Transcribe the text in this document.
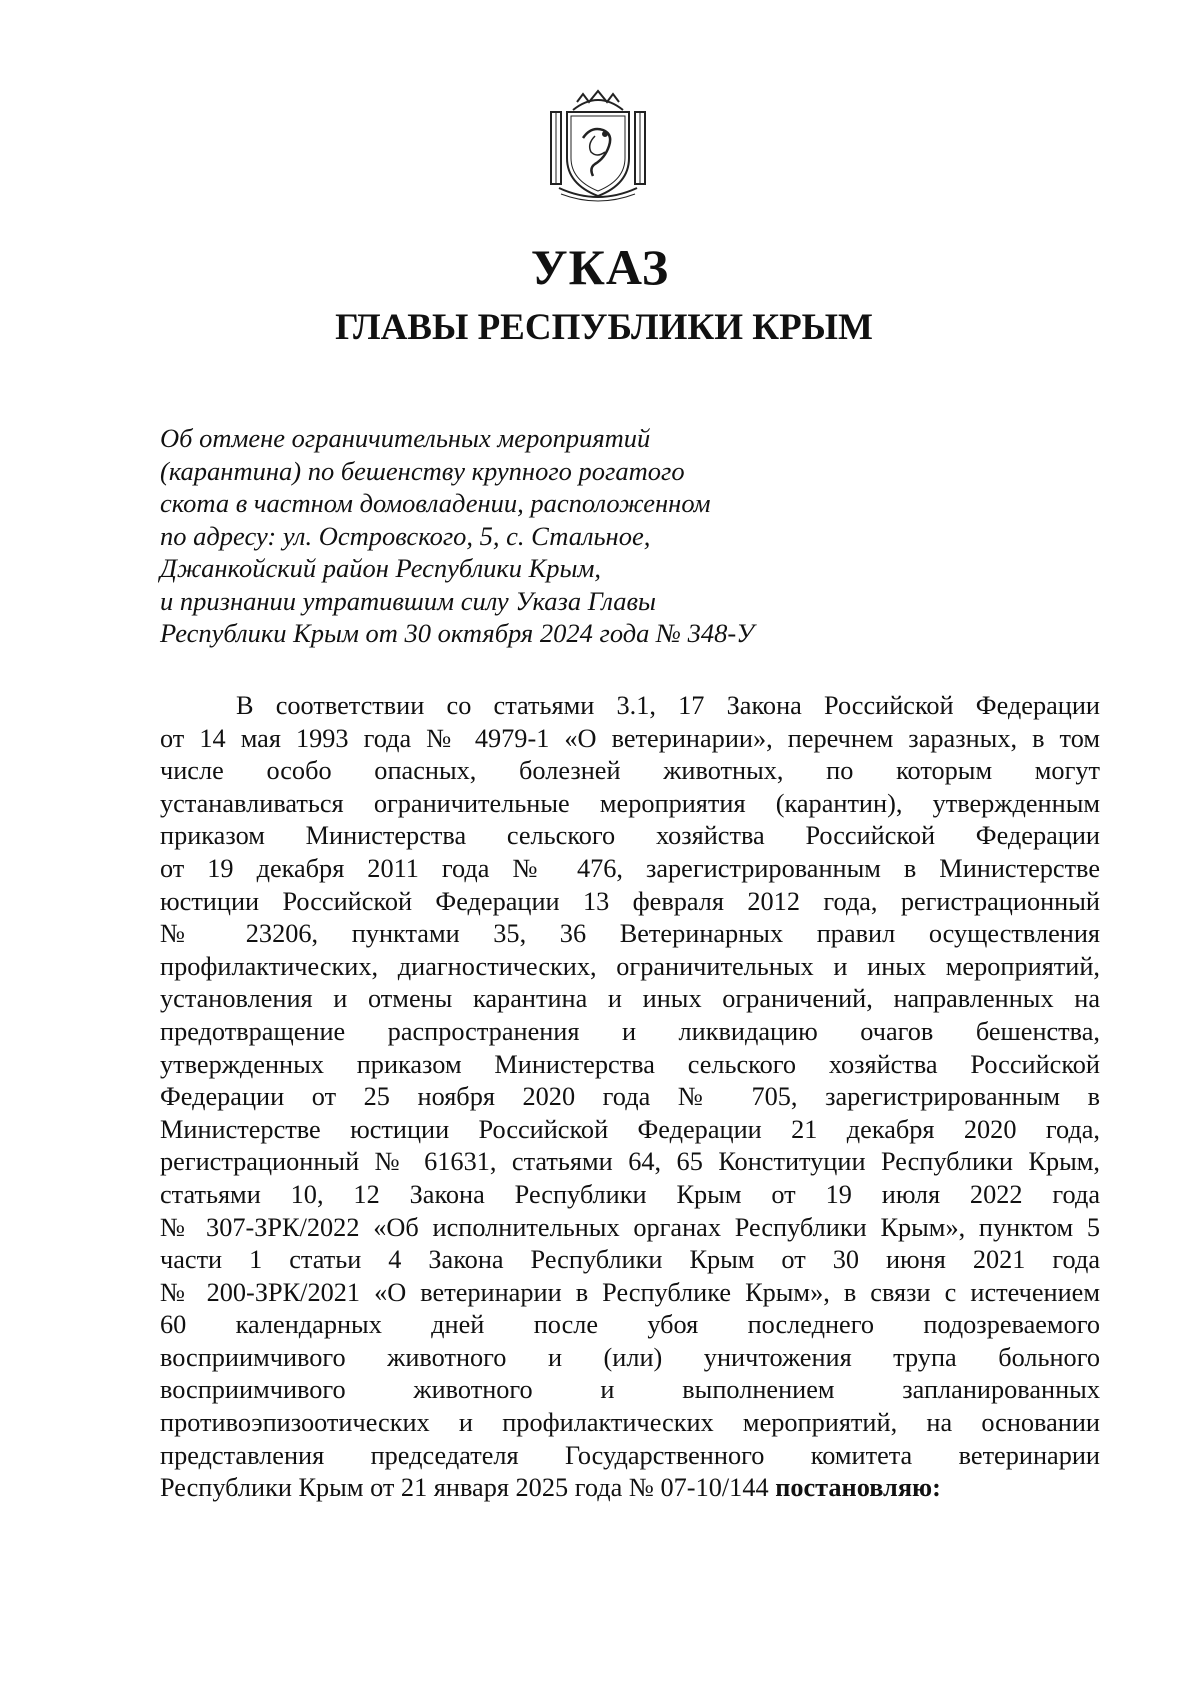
УКАЗ
ГЛАВЫ РЕСПУБЛИКИ КРЫМ
Об отмене ограничительных мероприятий
(карантина) по бешенству крупного рогатого
скота в частном домовладении, расположенном
по адресу: ул. Островского, 5, с. Стальное,
Джанкойский район Республики Крым,
и признании утратившим силу Указа Главы
Республики Крым от 30 октября 2024 года № 348-У
В соответствии со статьями 3.1, 17 Закона Российской Федерации
от 14 мая 1993 года № 4979-1 «О ветеринарии», перечнем заразных, в том
числе особо опасных, болезней животных, по которым могут
устанавливаться ограничительные мероприятия (карантин), утвержденным
приказом Министерства сельского хозяйства Российской Федерации
от 19 декабря 2011 года № 476, зарегистрированным в Министерстве
юстиции Российской Федерации 13 февраля 2012 года, регистрационный
№ 23206, пунктами 35, 36 Ветеринарных правил осуществления
профилактических, диагностических, ограничительных и иных мероприятий,
установления и отмены карантина и иных ограничений, направленных на
предотвращение распространения и ликвидацию очагов бешенства,
утвержденных приказом Министерства сельского хозяйства Российской
Федерации от 25 ноября 2020 года № 705, зарегистрированным в
Министерстве юстиции Российской Федерации 21 декабря 2020 года,
регистрационный № 61631, статьями 64, 65 Конституции Республики Крым,
статьями 10, 12 Закона Республики Крым от 19 июля 2022 года
№ 307-ЗРК/2022 «Об исполнительных органах Республики Крым», пунктом 5
части 1 статьи 4 Закона Республики Крым от 30 июня 2021 года
№ 200-ЗРК/2021 «О ветеринарии в Республике Крым», в связи с истечением
60 календарных дней после убоя последнего подозреваемого
восприимчивого животного и (или) уничтожения трупа больного
восприимчивого животного и выполнением запланированных
противоэпизоотических и профилактических мероприятий, на основании
представления председателя Государственного комитета ветеринарии
Республики Крым от 21 января 2025 года № 07-10/144 постановляю:
